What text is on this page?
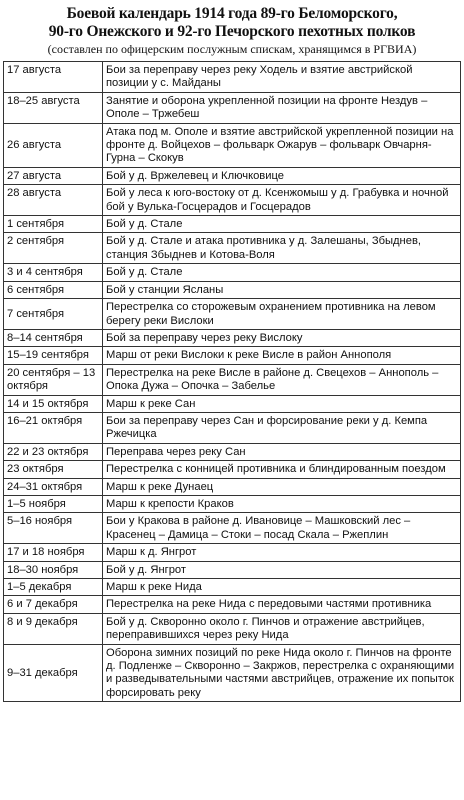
Боевой календарь 1914 года 89-го Беломорского,
90-го Онежского и 92-го Печорского пехотных полков
(составлен по офицерским послужным спискам, хранящимся в РГВИА)
17 августа	Бои за переправу через реку Ходель и взятие австрийской позиции у с. Майданы
18–25 августа	Занятие и оборона укрепленной позиции на фронте Нездув – Ополе – Тржебеш
26 августа	Атака под м. Ополе и взятие австрийской укрепленной позиции на фронте д. Войцехов – фольварк Ожарув – фольварк Овчарня-Гурна – Скокув
27 августа	Бой у д. Вржелевец и Ключковице
28 августа	Бой у леса к юго-востоку от д. Ксенжомыш у д. Грабувка и ночной бой у Вулька-Госцерадов и Госцерадов
1 сентября	Бой у д. Стале
2 сентября	Бой у д. Стале и атака противника у д. Залешаны, Збыднев, станция Збыднев и Котова-Воля
3 и 4 сентября	Бой у д. Стале
6 сентября	Бой у станции Ясланы
7 сентября	Перестрелка со сторожевым охранением противника на левом берегу реки Вислоки
8–14 сентября	Бой за переправу через реку Вислоку
15–19 сентября	Марш от реки Вислоки к реке Висле в район Аннополя
20 сентября – 13 октября	Перестрелка на реке Висле в районе д. Свецехов – Аннополь – Опока Дужа – Опочка – Забелье
14 и 15 октября	Марш к реке Сан
16–21 октября	Бои за переправу через Сан и форсирование реки у д. Кемпа Ржечицка
22 и 23 октября	Переправа через реку Сан
23 октября	Перестрелка с конницей противника и блиндированным поездом
24–31 октября	Марш к реке Дунаец
1–5 ноября	Марш к крепости Краков
5–16 ноября	Бои у Кракова в районе д. Ивановице – Машковский лес – Красенец – Дамица – Стоки – посад Скала – Ржеплин
17 и 18 ноября	Марш к д. Янгрот
18–30 ноября	Бой у д. Янгрот
1–5 декабря	Марш к реке Нида
6 и 7 декабря	Перестрелка на реке Нида с передовыми частями противника
8 и 9 декабря	Бой у д. Скворонно около г. Пинчов и отражение австрийцев, переправившихся через реку Нида
9–31 декабря	Оборона зимних позиций по реке Нида около г. Пинчов на фронте д. Подленже – Скворонно – Закржов, перестрелка с охраняющими и разведывательными частями австрийцев, отражение их попыток форсировать реку
